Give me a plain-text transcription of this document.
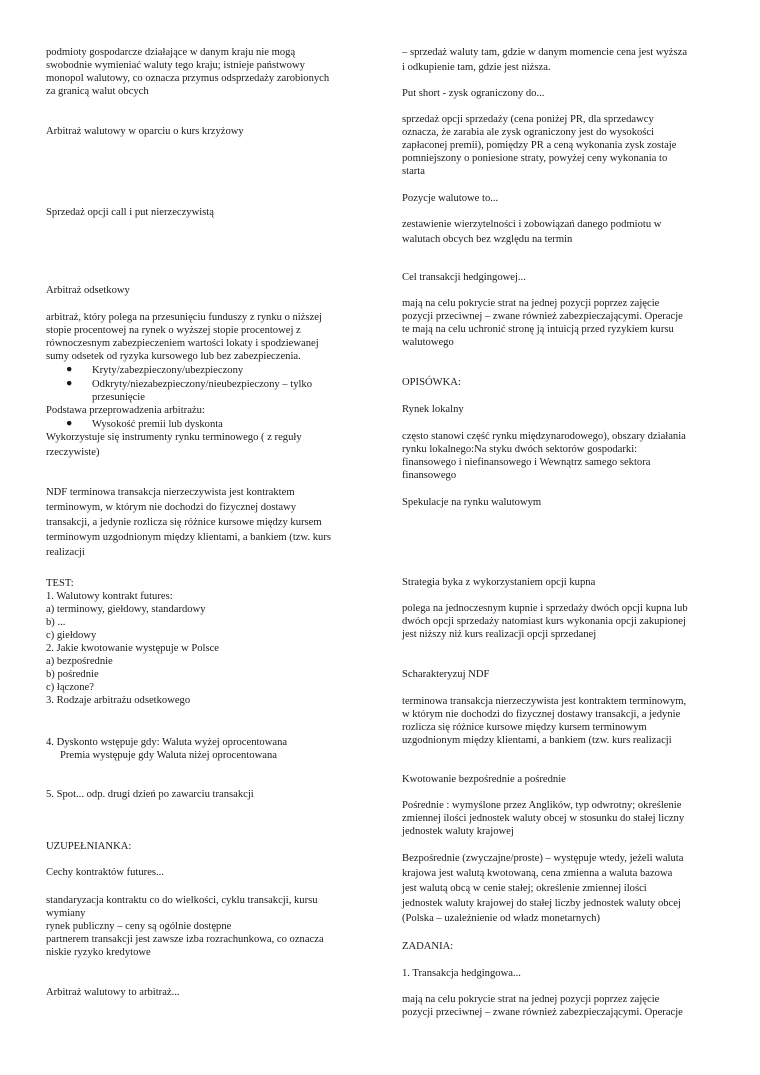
podmioty gospodarcze działające w danym kraju nie mogą
swobodnie wymieniać waluty tego kraju; istnieje państwowy
monopol walutowy, co oznacza przymus odsprzedaży zarobionych
za granicą walut obcych
Arbitraż walutowy w oparciu o kurs krzyżowy
Sprzedaż opcji call i put nierzeczywistą
Arbitraż odsetkowy
arbitraż, który polega na przesunięciu funduszy z rynku o niższej
stopie procentowej na rynek o wyższej stopie procentowej z
równoczesnym zabezpieczeniem wartości lokaty i spodziewanej
sumy odsetek od ryzyka kursowego lub bez zabezpieczenia.
● Kryty/zabezpieczony/ubezpieczony
● Odkryty/niezabezpieczony/nieubezpieczony – tylko
przesunięcie
Podstawa przeprowadzenia arbitrażu:
● Wysokość premii lub dyskonta
Wykorzystuje się instrumenty rynku terminowego ( z reguły
rzeczywiste)
NDF terminowa transakcja nierzeczywista jest kontraktem
terminowym, w którym nie dochodzi do fizycznej dostawy
transakcji, a jedynie rozlicza się różnice kursowe między kursem
terminowym uzgodnionym między klientami, a bankiem (tzw. kurs
realizacji
TEST:
1. Walutowy kontrakt futures:
a) terminowy, giełdowy, standardowy
b) ...
c) giełdowy
2. Jakie kwotowanie występuje w Polsce
a) bezpośrednie
b) pośrednie
c) łączone?
3. Rodzaje arbitrażu odsetkowego
4. Dyskonto wstępuje gdy: Waluta wyżej oprocentowana
Premia występuje gdy Waluta niżej oprocentowana
5. Spot... odp. drugi dzień po zawarciu transakcji
UZUPEŁNIANKA:
Cechy kontraktów futures...
standaryzacja kontraktu co do wielkości, cyklu transakcji, kursu
wymiany
rynek publiczny – ceny są ogólnie dostępne
partnerem transakcji jest zawsze izba rozrachunkowa, co oznacza
niskie ryzyko kredytowe
Arbitraż walutowy to arbitraż...
– sprzedaż waluty tam, gdzie w danym momencie cena jest wyższa
i odkupienie tam, gdzie jest niższa.
Put short - zysk ograniczony do...
sprzedaż opcji sprzedaży (cena poniżej PR, dla sprzedawcy
oznacza, że zarabia ale zysk ograniczony jest do wysokości
zapłaconej premii), pomiędzy PR a ceną wykonania zysk zostaje
pomniejszony o poniesione straty, powyżej ceny wykonania to
starta
Pozycje walutowe to...
zestawienie wierzytelności i zobowiązań danego podmiotu w
walutach obcych bez względu na termin
Cel transakcji hedgingowej...
mają na celu pokrycie strat na jednej pozycji poprzez zajęcie
pozycji przeciwnej – zwane również zabezpieczającymi. Operacje
te mają na celu uchronić stronę ją intuicją przed ryzykiem kursu
walutowego
OPISÓWKA:
Rynek lokalny
często stanowi część rynku międzynarodowego), obszary działania
rynku lokalnego:Na styku dwóch sektorów gospodarki:
finansowego i niefinansowego i Wewnątrz samego sektora
finansowego
Spekulacje na rynku walutowym
Strategia byka z wykorzystaniem opcji kupna
polega na jednoczesnym kupnie i sprzedaży dwóch opcji kupna lub
dwóch opcji sprzedaży natomiast kurs wykonania opcji zakupionej
jest niższy niż kurs realizacji opcji sprzedanej
Scharakteryzuj NDF
terminowa transakcja nierzeczywista jest kontraktem terminowym,
w którym nie dochodzi do fizycznej dostawy transakcji, a jedynie
rozlicza się różnice kursowe między kursem terminowym
uzgodnionym między klientami, a bankiem (tzw. kurs realizacji
Kwotowanie bezpośrednie a pośrednie
Pośrednie : wymyślone przez Anglików, typ odwrotny; określenie
zmiennej ilości jednostek waluty obcej w stosunku do stałej liczny
jednostek waluty krajowej
Bezpośrednie (zwyczajne/proste) – występuje wtedy, jeżeli waluta
krajowa jest walutą kwotowaną, cena zmienna a waluta bazowa
jest walutą obcą w cenie stałej; określenie zmiennej ilości
jednostek waluty krajowej do stałej liczby jednostek waluty obcej
(Polska – uzależnienie od władz monetarnych)
ZADANIA:
1. Transakcja hedgingowa...
mają na celu pokrycie strat na jednej pozycji poprzez zajęcie
pozycji przeciwnej – zwane również zabezpieczającymi. Operacje
